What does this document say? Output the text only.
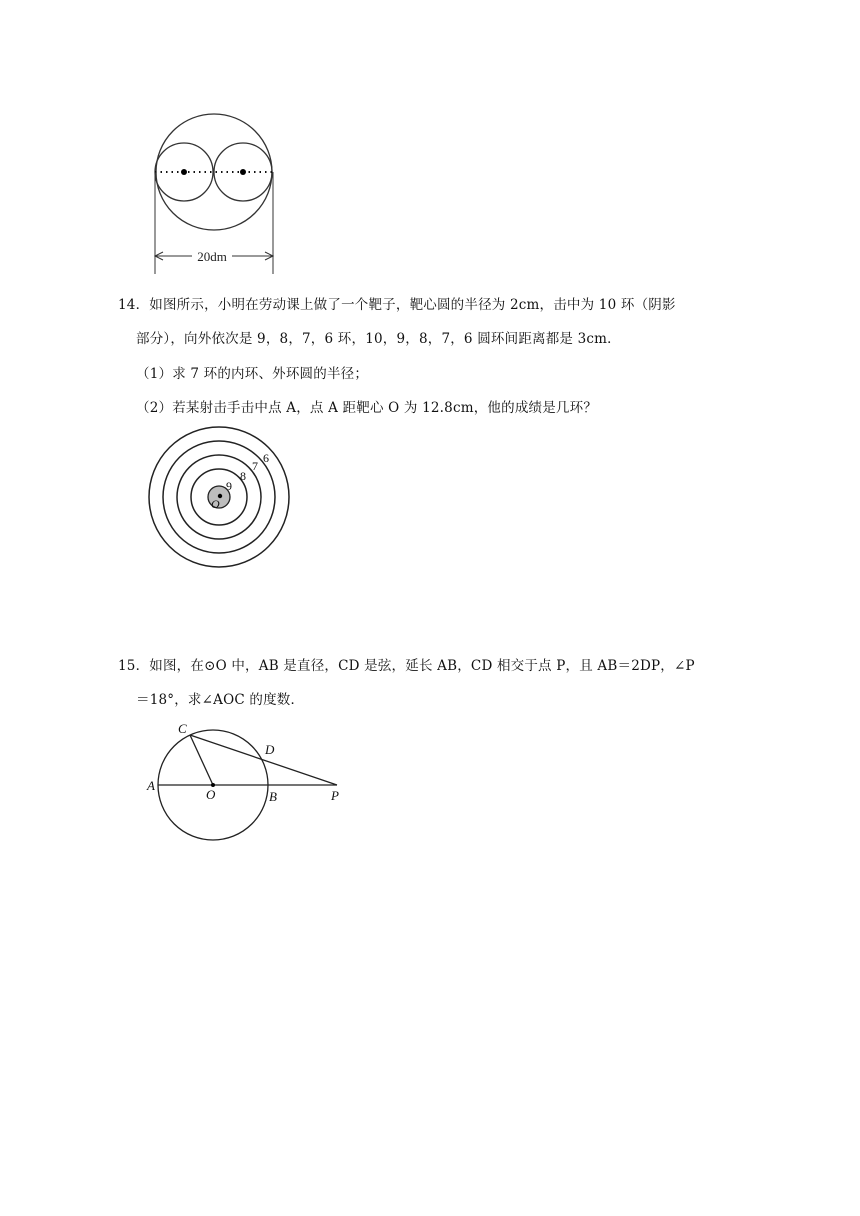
20dm
14．如图所示，小明在劳动课上做了一个靶子，靶心圆的半径为 2cm，击中为 10 环（阴影
部分），向外依次是 9，8，7，6 环，10，9，8，7，6 圆环间距离都是 3cm．
（1）求 7 环的内环、外环圆的半径；
（2）若某射击手击中点 A，点 A 距靶心 O 为 12.8cm，他的成绩是几环？
O
9
8
7
6
15．如图，在⊙O 中，AB 是直径，CD 是弦，延长 AB，CD 相交于点 P，且 AB＝2DP，∠P
＝18°，求∠AOC 的度数．
C
D
A
O	B	P
